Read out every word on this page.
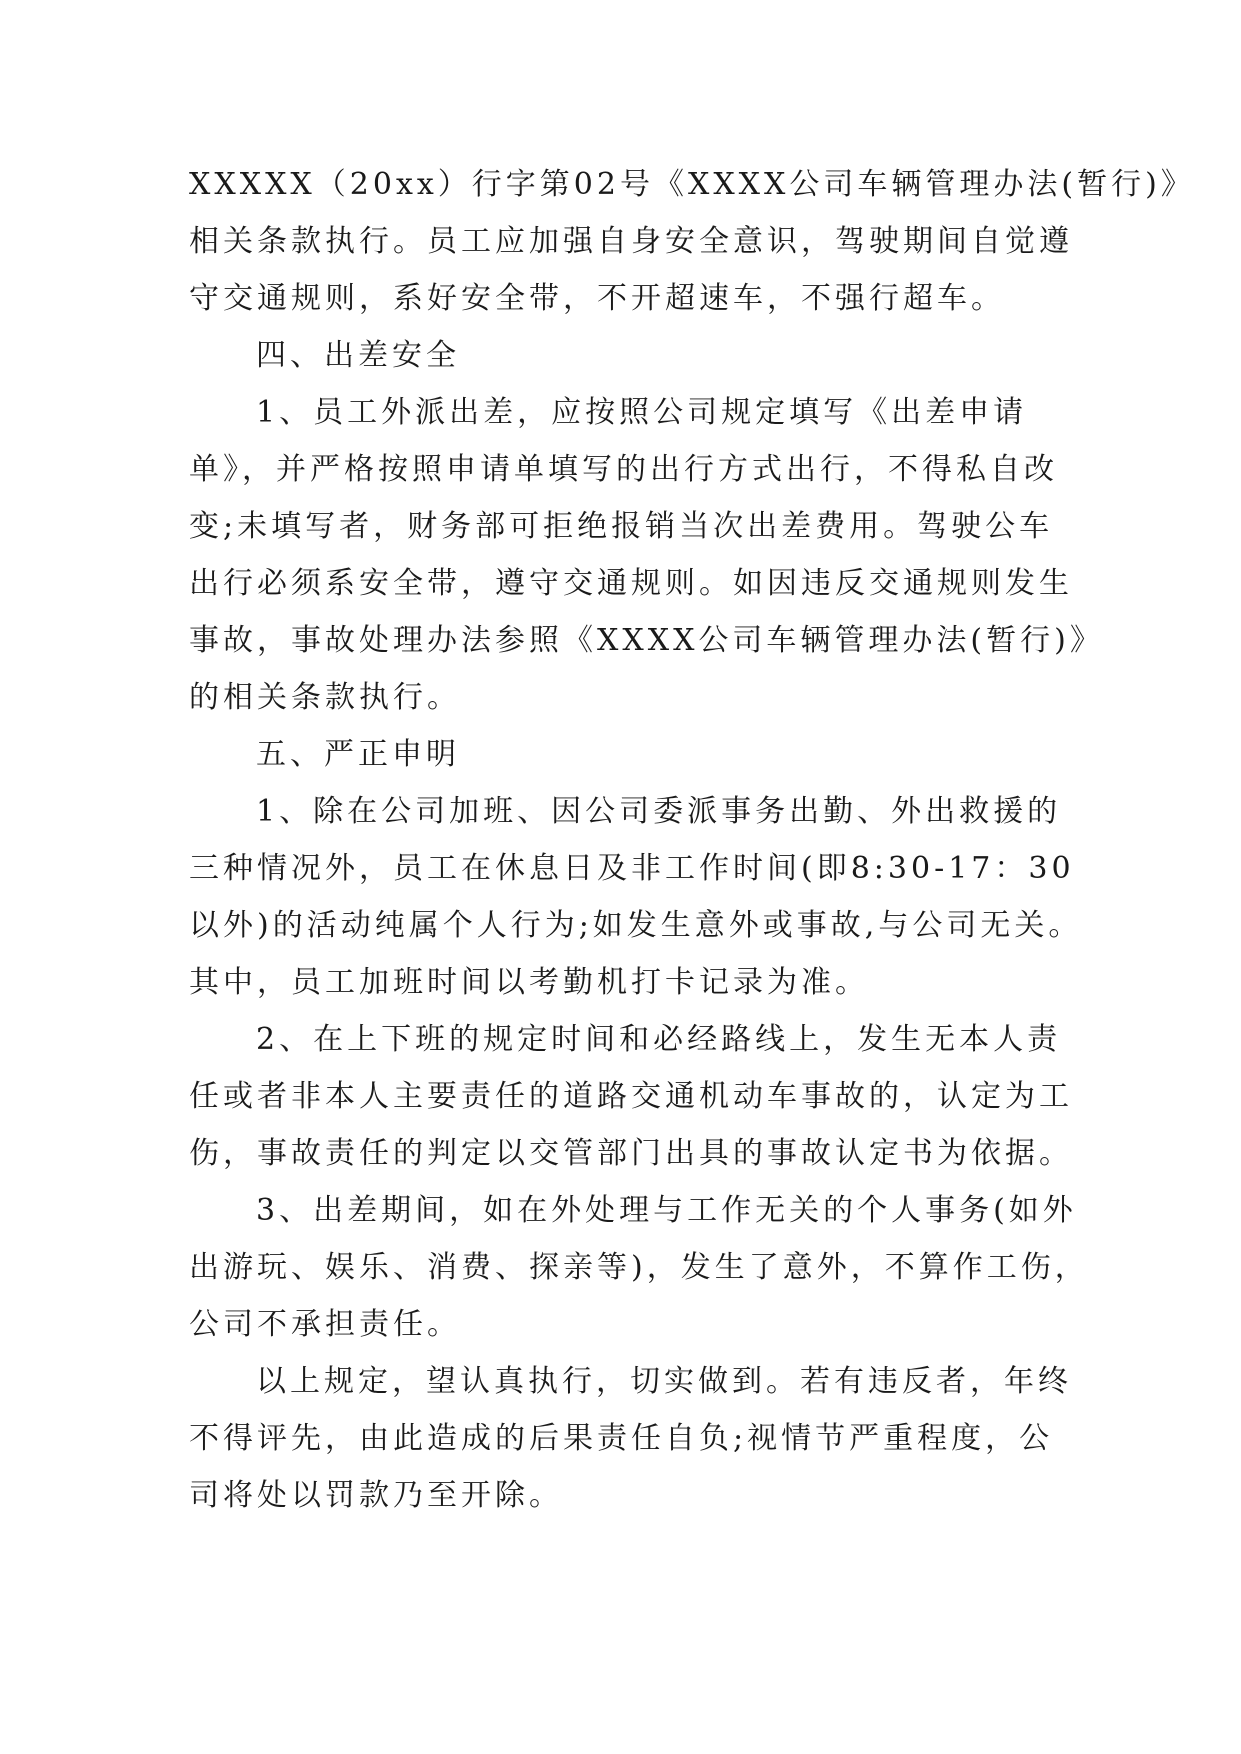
XXXXX（20xx）行字第02号《XXXX公司车辆管理办法(暂行)》
相关条款执行。员工应加强自身安全意识，驾驶期间自觉遵
守交通规则，系好安全带，不开超速车，不强行超车。
四、出差安全
1、员工外派出差，应按照公司规定填写《出差申请
单》，并严格按照申请单填写的出行方式出行，不得私自改
变;未填写者，财务部可拒绝报销当次出差费用。驾驶公车
出行必须系安全带，遵守交通规则。如因违反交通规则发生
事故，事故处理办法参照《XXXX公司车辆管理办法(暂行)》
的相关条款执行。
五、严正申明
1、除在公司加班、因公司委派事务出勤、外出救援的
三种情况外，员工在休息日及非工作时间(即8:30-17：30
以外)的活动纯属个人行为;如发生意外或事故,与公司无关。
其中，员工加班时间以考勤机打卡记录为准。
2、在上下班的规定时间和必经路线上，发生无本人责
任或者非本人主要责任的道路交通机动车事故的，认定为工
伤，事故责任的判定以交管部门出具的事故认定书为依据。
3、出差期间，如在外处理与工作无关的个人事务(如外
出游玩、娱乐、消费、探亲等)，发生了意外，不算作工伤，
公司不承担责任。
以上规定，望认真执行，切实做到。若有违反者，年终
不得评先，由此造成的后果责任自负;视情节严重程度，公
司将处以罚款乃至开除。
